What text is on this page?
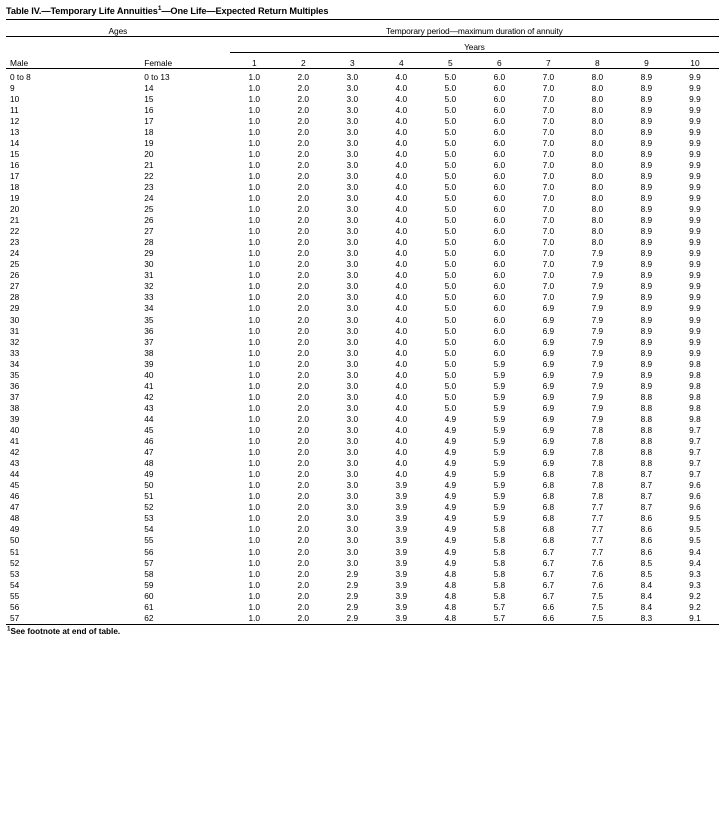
Table IV.—Temporary Life Annuities$^1$—One Life—Expected Return Multiples
Ages		Temporary period—maximum duration of annuity									
		Years									
Male	Female	1	2	3	4	5	6	7	8	9	10
0 to 8	0 to 13	1.0	2.0	3.0	4.0	5.0	6.0	7.0	8.0	8.9	9.9
9	14	1.0	2.0	3.0	4.0	5.0	6.0	7.0	8.0	8.9	9.9
10	15	1.0	2.0	3.0	4.0	5.0	6.0	7.0	8.0	8.9	9.9
11	16	1.0	2.0	3.0	4.0	5.0	6.0	7.0	8.0	8.9	9.9
12	17	1.0	2.0	3.0	4.0	5.0	6.0	7.0	8.0	8.9	9.9
13	18	1.0	2.0	3.0	4.0	5.0	6.0	7.0	8.0	8.9	9.9
14	19	1.0	2.0	3.0	4.0	5.0	6.0	7.0	8.0	8.9	9.9
15	20	1.0	2.0	3.0	4.0	5.0	6.0	7.0	8.0	8.9	9.9
16	21	1.0	2.0	3.0	4.0	5.0	6.0	7.0	8.0	8.9	9.9
17	22	1.0	2.0	3.0	4.0	5.0	6.0	7.0	8.0	8.9	9.9
18	23	1.0	2.0	3.0	4.0	5.0	6.0	7.0	8.0	8.9	9.9
19	24	1.0	2.0	3.0	4.0	5.0	6.0	7.0	8.0	8.9	9.9
20	25	1.0	2.0	3.0	4.0	5.0	6.0	7.0	8.0	8.9	9.9
21	26	1.0	2.0	3.0	4.0	5.0	6.0	7.0	8.0	8.9	9.9
22	27	1.0	2.0	3.0	4.0	5.0	6.0	7.0	8.0	8.9	9.9
23	28	1.0	2.0	3.0	4.0	5.0	6.0	7.0	8.0	8.9	9.9
24	29	1.0	2.0	3.0	4.0	5.0	6.0	7.0	7.9	8.9	9.9
25	30	1.0	2.0	3.0	4.0	5.0	6.0	7.0	7.9	8.9	9.9
26	31	1.0	2.0	3.0	4.0	5.0	6.0	7.0	7.9	8.9	9.9
27	32	1.0	2.0	3.0	4.0	5.0	6.0	7.0	7.9	8.9	9.9
28	33	1.0	2.0	3.0	4.0	5.0	6.0	7.0	7.9	8.9	9.9
29	34	1.0	2.0	3.0	4.0	5.0	6.0	6.9	7.9	8.9	9.9
30	35	1.0	2.0	3.0	4.0	5.0	6.0	6.9	7.9	8.9	9.9
31	36	1.0	2.0	3.0	4.0	5.0	6.0	6.9	7.9	8.9	9.9
32	37	1.0	2.0	3.0	4.0	5.0	6.0	6.9	7.9	8.9	9.9
33	38	1.0	2.0	3.0	4.0	5.0	6.0	6.9	7.9	8.9	9.9
34	39	1.0	2.0	3.0	4.0	5.0	5.9	6.9	7.9	8.9	9.8
35	40	1.0	2.0	3.0	4.0	5.0	5.9	6.9	7.9	8.9	9.8
36	41	1.0	2.0	3.0	4.0	5.0	5.9	6.9	7.9	8.9	9.8
37	42	1.0	2.0	3.0	4.0	5.0	5.9	6.9	7.9	8.8	9.8
38	43	1.0	2.0	3.0	4.0	5.0	5.9	6.9	7.9	8.8	9.8
39	44	1.0	2.0	3.0	4.0	4.9	5.9	6.9	7.9	8.8	9.8
40	45	1.0	2.0	3.0	4.0	4.9	5.9	6.9	7.8	8.8	9.7
41	46	1.0	2.0	3.0	4.0	4.9	5.9	6.9	7.8	8.8	9.7
42	47	1.0	2.0	3.0	4.0	4.9	5.9	6.9	7.8	8.8	9.7
43	48	1.0	2.0	3.0	4.0	4.9	5.9	6.9	7.8	8.8	9.7
44	49	1.0	2.0	3.0	4.0	4.9	5.9	6.8	7.8	8.7	9.7
45	50	1.0	2.0	3.0	3.9	4.9	5.9	6.8	7.8	8.7	9.6
46	51	1.0	2.0	3.0	3.9	4.9	5.9	6.8	7.8	8.7	9.6
47	52	1.0	2.0	3.0	3.9	4.9	5.9	6.8	7.7	8.7	9.6
48	53	1.0	2.0	3.0	3.9	4.9	5.9	6.8	7.7	8.6	9.5
49	54	1.0	2.0	3.0	3.9	4.9	5.8	6.8	7.7	8.6	9.5
50	55	1.0	2.0	3.0	3.9	4.9	5.8	6.8	7.7	8.6	9.5
51	56	1.0	2.0	3.0	3.9	4.9	5.8	6.7	7.7	8.6	9.4
52	57	1.0	2.0	3.0	3.9	4.9	5.8	6.7	7.6	8.5	9.4
53	58	1.0	2.0	2.9	3.9	4.8	5.8	6.7	7.6	8.5	9.3
54	59	1.0	2.0	2.9	3.9	4.8	5.8	6.7	7.6	8.4	9.3
55	60	1.0	2.0	2.9	3.9	4.8	5.8	6.7	7.5	8.4	9.2
56	61	1.0	2.0	2.9	3.9	4.8	5.7	6.6	7.5	8.4	9.2
57	62	1.0	2.0	2.9	3.9	4.8	5.7	6.6	7.5	8.3	9.1
$^1$See footnote at end of table.
